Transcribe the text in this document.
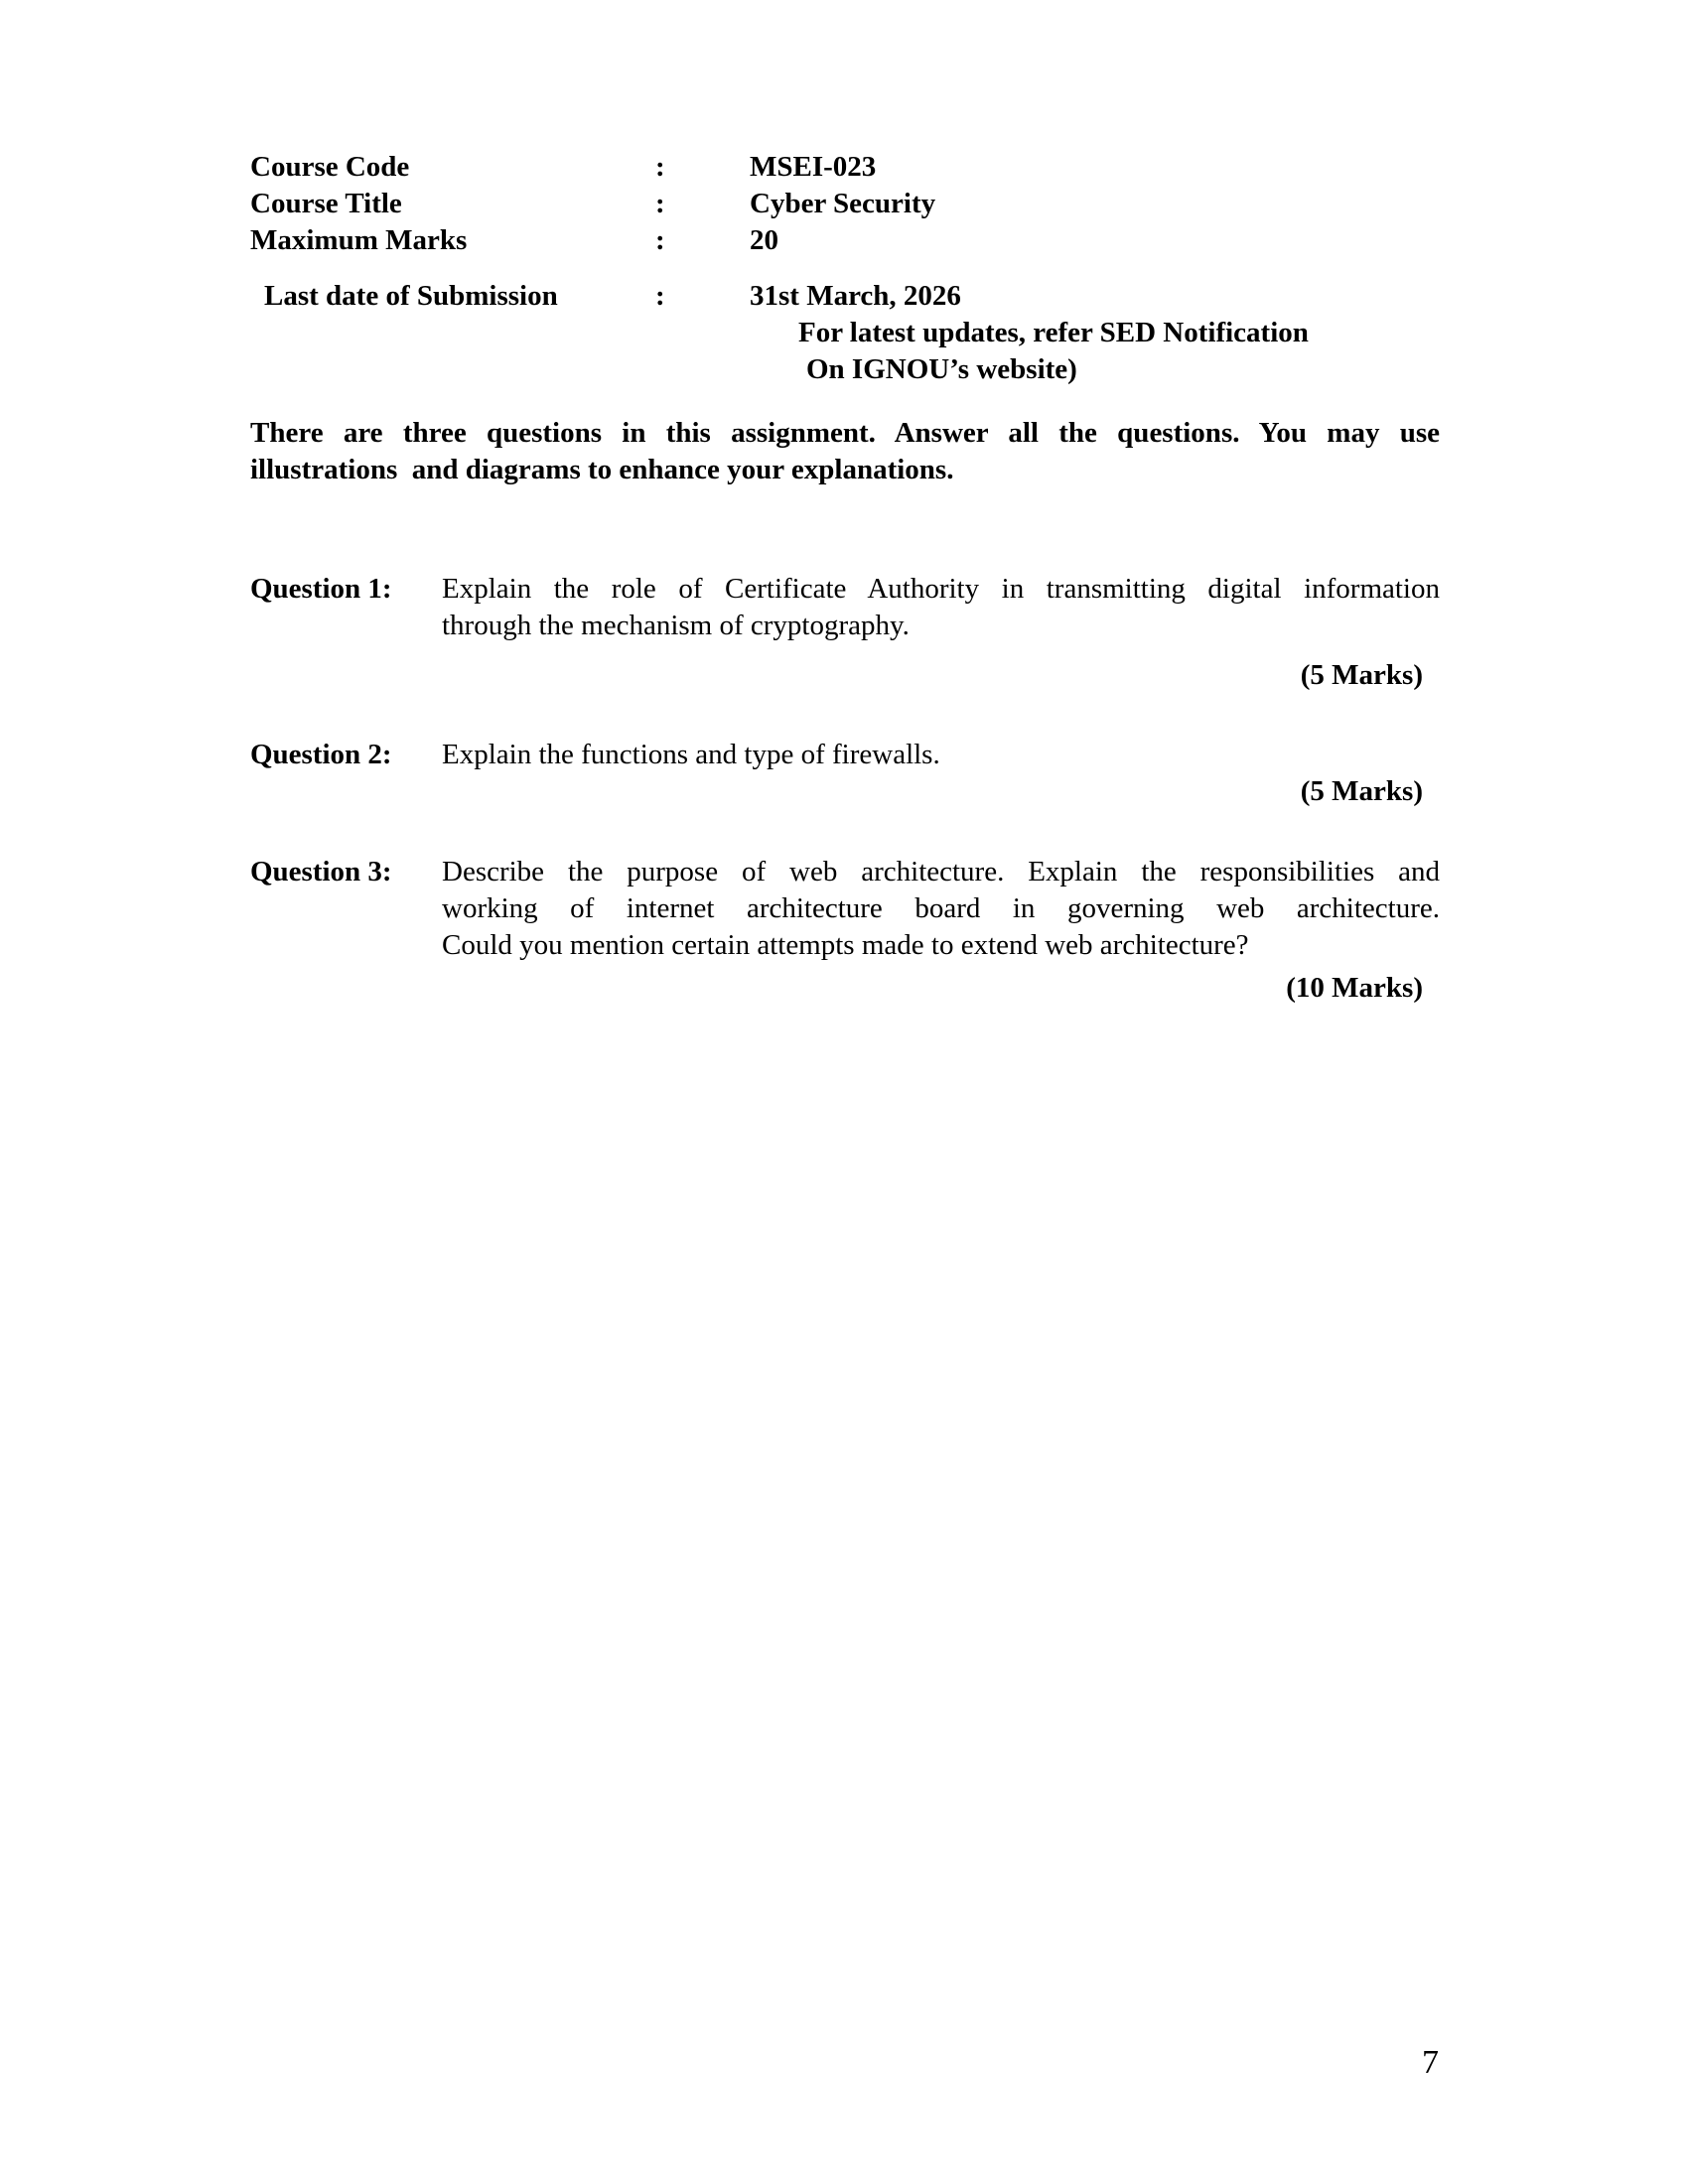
Course Code	:	MSEI-023
Course Title	:	Cyber Security
Maximum Marks	:	20
Last date of Submission	:	31st March, 2026
For latest updates, refer SED Notification
On IGNOU’s website)
There are three questions in this assignment. Answer all the questions. You may use
illustrations  and diagrams to enhance your explanations.
Question 1:	Explain the role of Certificate Authority in transmitting digital information
through the mechanism of cryptography.
(5 Marks)
Question 2:	Explain the functions and type of firewalls.
(5 Marks)
Question 3:	Describe the purpose of web architecture. Explain the responsibilities and
working of internet architecture board in governing web architecture.
Could you mention certain attempts made to extend web architecture?
(10 Marks)
7
